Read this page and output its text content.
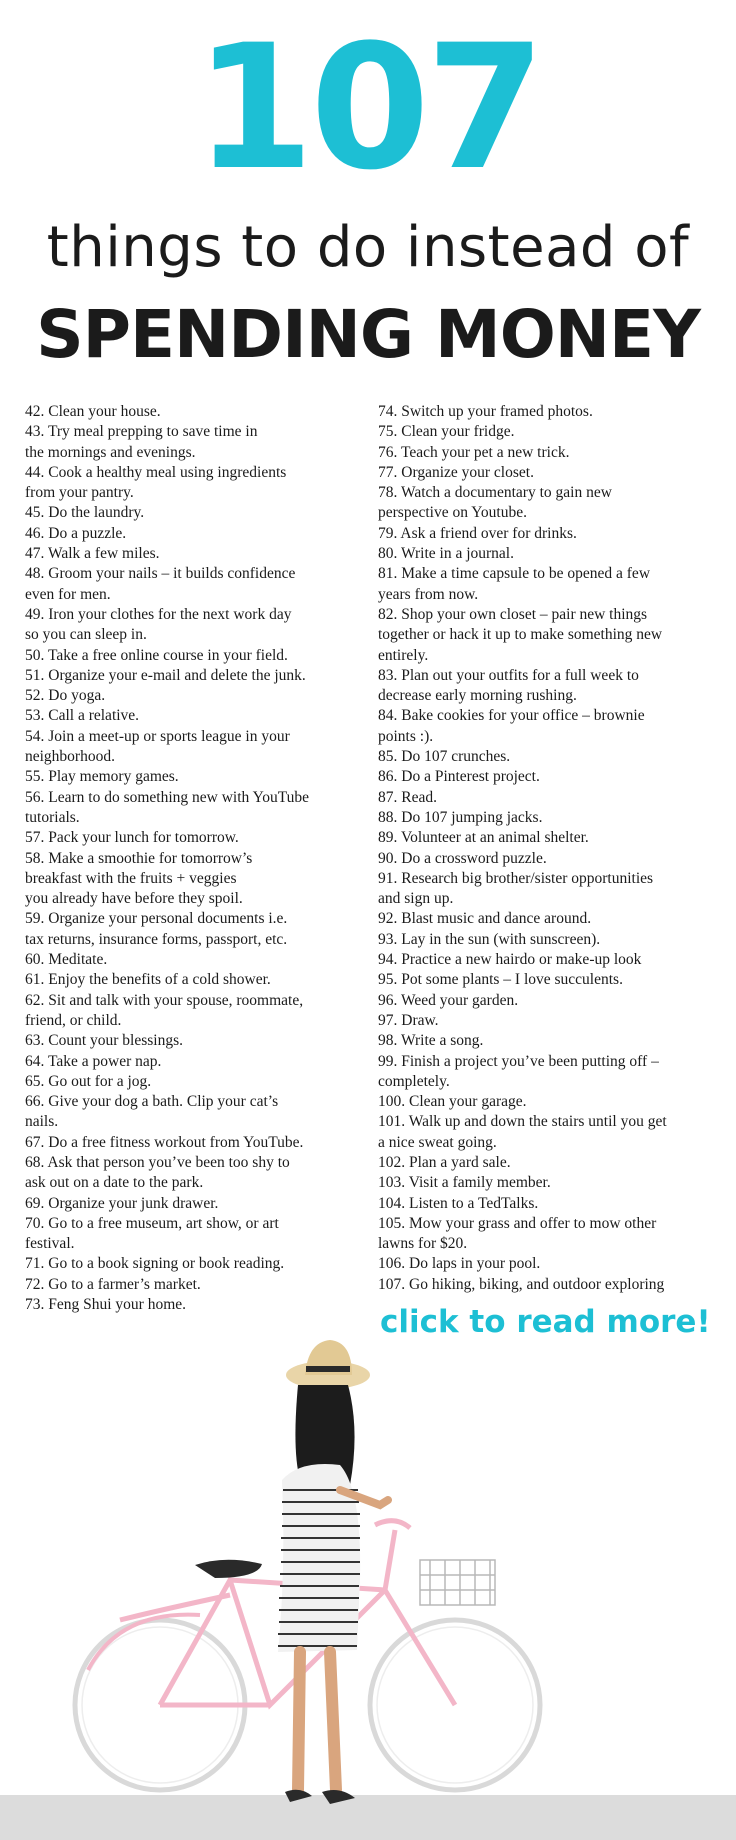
107
things to do instead of
SPENDING MONEY
42. Clean your house.
43. Try meal prepping to save time in
the mornings and evenings.
44. Cook a healthy meal using ingredients
from your pantry.
45. Do the laundry.
46. Do a puzzle.
47. Walk a few miles.
48. Groom your nails – it builds confidence
even for men.
49. Iron your clothes for the next work day
so you can sleep in.
50. Take a free online course in your field.
51. Organize your e-mail and delete the junk.
52. Do yoga.
53. Call a relative.
54. Join a meet-up or sports league in your
neighborhood.
55. Play memory games.
56. Learn to do something new with YouTube
tutorials.
57. Pack your lunch for tomorrow.
58. Make a smoothie for tomorrow’s
breakfast with the fruits + veggies
you already have before they spoil.
59. Organize your personal documents i.e.
tax returns, insurance forms, passport, etc.
60. Meditate.
61. Enjoy the benefits of a cold shower.
62. Sit and talk with your spouse, roommate,
friend, or child.
63. Count your blessings.
64. Take a power nap.
65. Go out for a jog.
66. Give your dog a bath. Clip your cat’s
nails.
67. Do a free fitness workout from YouTube.
68. Ask that person you’ve been too shy to
ask out on a date to the park.
69. Organize your junk drawer.
70. Go to a free museum, art show, or art
festival.
71. Go to a book signing or book reading.
72. Go to a farmer’s market.
73. Feng Shui your home.
74. Switch up your framed photos.
75. Clean your fridge.
76. Teach your pet a new trick.
77. Organize your closet.
78. Watch a documentary to gain new
perspective on Youtube.
79. Ask a friend over for drinks.
80. Write in a journal.
81. Make a time capsule to be opened a few
years from now.
82. Shop your own closet – pair new things
together or hack it up to make something new
entirely.
83. Plan out your outfits for a full week to
decrease early morning rushing.
84. Bake cookies for your office – brownie
points :).
85. Do 107 crunches.
86. Do a Pinterest project.
87. Read.
88. Do 107 jumping jacks.
89. Volunteer at an animal shelter.
90. Do a crossword puzzle.
91. Research big brother/sister opportunities
and sign up.
92. Blast music and dance around.
93. Lay in the sun (with sunscreen).
94. Practice a new hairdo or make-up look
95. Pot some plants – I love succulents.
96. Weed your garden.
97. Draw.
98. Write a song.
99. Finish a project you’ve been putting off –
completely.
100. Clean your garage.
101. Walk up and down the stairs until you get
a nice sweat going.
102. Plan a yard sale.
103. Visit a family member.
104. Listen to a TedTalks.
105. Mow your grass and offer to mow other
lawns for $20.
106. Do laps in your pool.
107. Go hiking, biking, and outdoor exploring
click to read more!
